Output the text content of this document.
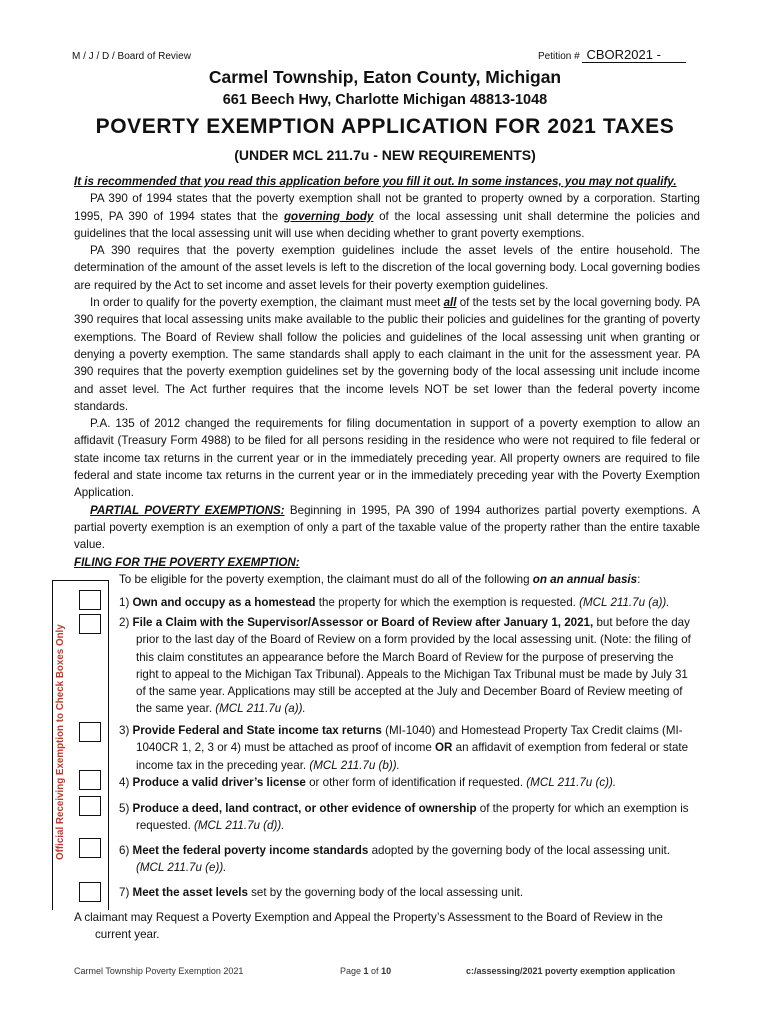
M / J / D / Board of Review	Petition # CBOR2021 -
Carmel Township, Eaton County, Michigan
661 Beech Hwy, Charlotte Michigan 48813-1048
POVERTY EXEMPTION APPLICATION FOR 2021 TAXES
(UNDER MCL 211.7u - NEW REQUIREMENTS)

It is recommended that you read this application before you fill it out. In some instances, you may not qualify.

PA 390 of 1994 states that the poverty exemption shall not be granted to property owned by a corporation. Starting 1995, PA 390 of 1994 states that the governing body of the local assessing unit shall determine the policies and guidelines that the local assessing unit will use when deciding whether to grant poverty exemptions.

PA 390 requires that the poverty exemption guidelines include the asset levels of the entire household. The determination of the amount of the asset levels is left to the discretion of the local governing body. Local governing bodies are required by the Act to set income and asset levels for their poverty exemption guidelines.

In order to qualify for the poverty exemption, the claimant must meet all of the tests set by the local governing body. PA 390 requires that local assessing units make available to the public their policies and guidelines for the granting of poverty exemptions. The Board of Review shall follow the policies and guidelines of the local assessing unit when granting or denying a poverty exemption. The same standards shall apply to each claimant in the unit for the assessment year. PA 390 requires that the poverty exemption guidelines set by the governing body of the local assessing unit include income and asset level. The Act further requires that the income levels NOT be set lower than the federal poverty income standards.

P.A. 135 of 2012 changed the requirements for filing documentation in support of a poverty exemption to allow an affidavit (Treasury Form 4988) to be filed for all persons residing in the residence who were not required to file federal or state income tax returns in the current year or in the immediately preceding year. All property owners are required to file federal and state income tax returns in the current year or in the immediately preceding year with the Poverty Exemption Application.

PARTIAL POVERTY EXEMPTIONS: Beginning in 1995, PA 390 of 1994 authorizes partial poverty exemptions. A partial poverty exemption is an exemption of only a part of the taxable value of the property rather than the entire taxable value.

FILING FOR THE POVERTY EXEMPTION:

To be eligible for the poverty exemption, the claimant must do all of the following on an annual basis:

Official Receiving Exemption to Check Boxes Only
1) Own and occupy as a homestead the property for which the exemption is requested. (MCL 211.7u (a)).
2) File a Claim with the Supervisor/Assessor or Board of Review after January 1, 2021, but before the day prior to the last day of the Board of Review on a form provided by the local assessing unit. (Note: the filing of this claim constitutes an appearance before the March Board of Review for the purpose of preserving the right to appeal to the Michigan Tax Tribunal). Appeals to the Michigan Tax Tribunal must be made by July 31 of the same year. Applications may still be accepted at the July and December Board of Review meeting of the same year. (MCL 211.7u (a)).
3) Provide Federal and State income tax returns (MI-1040) and Homestead Property Tax Credit claims (MI-1040CR 1, 2, 3 or 4) must be attached as proof of income OR an affidavit of exemption from federal or state income tax in the preceding year. (MCL 211.7u (b)).
4) Produce a valid driver’s license or other form of identification if requested. (MCL 211.7u (c)).
5) Produce a deed, land contract, or other evidence of ownership of the property for which an exemption is requested. (MCL 211.7u (d)).
6) Meet the federal poverty income standards adopted by the governing body of the local assessing unit. (MCL 211.7u (e)).
7) Meet the asset levels set by the governing body of the local assessing unit.
A claimant may Request a Poverty Exemption and Appeal the Property’s Assessment to the Board of Review in the current year.
Carmel Township Poverty Exemption 2021	Page 1 of 10	c:/assessing/2021 poverty exemption application
